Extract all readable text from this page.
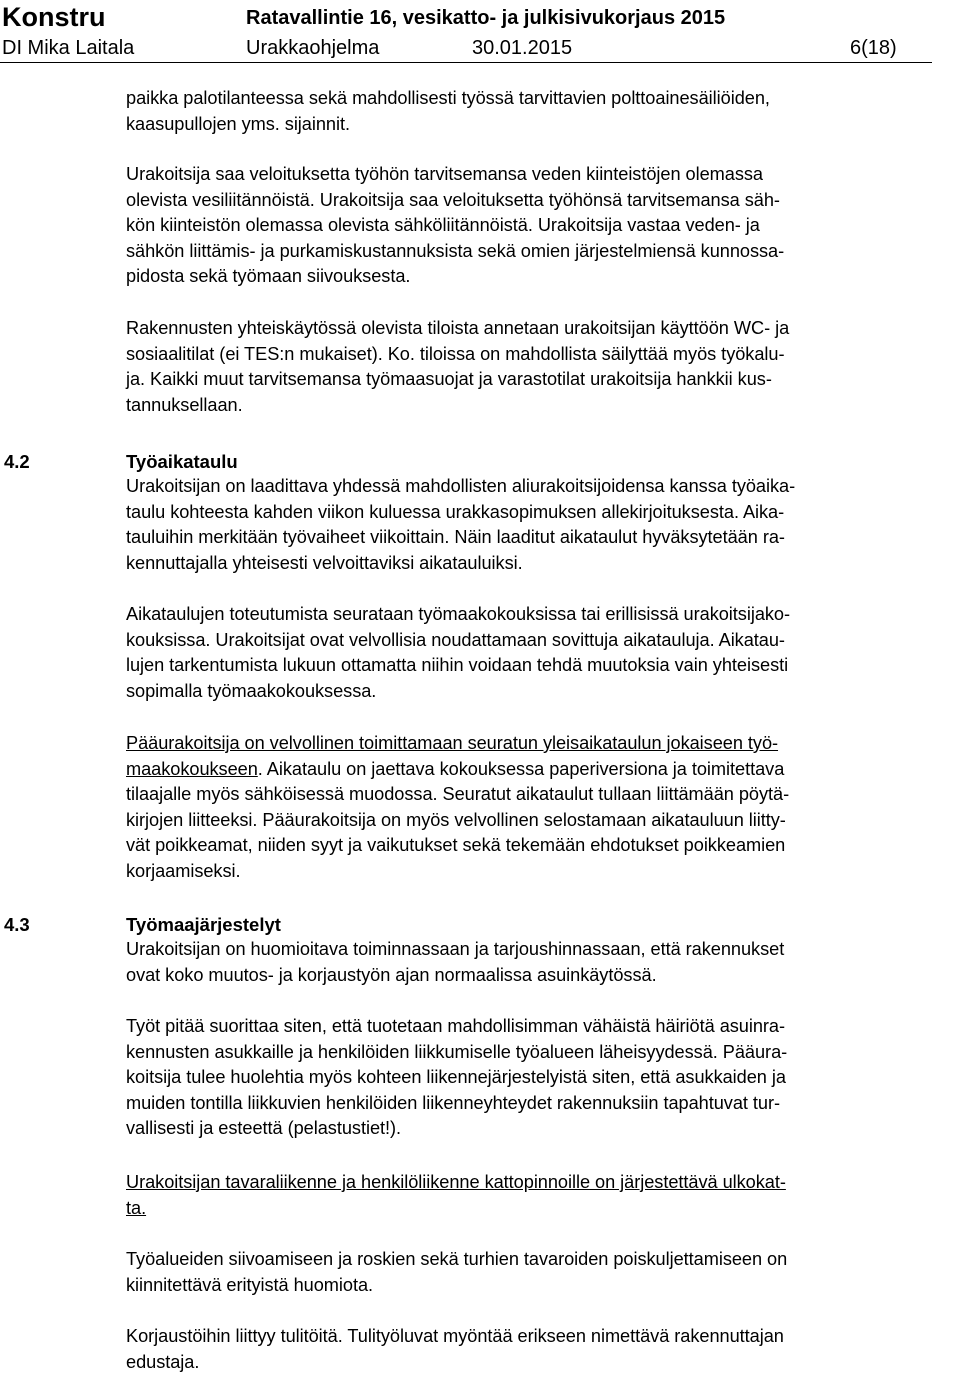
Konstru	Ratavallintie 16, vesikatto- ja julkisivukorjaus 2015
DI Mika Laitala	Urakkaohjelma	30.01.2015	6(18)

paikka palotilanteessa sekä mahdollisesti työssä tarvittavien polttoainesäiliöiden,
kaasupullojen yms. sijainnit.

Urakoitsija saa veloituksetta työhön tarvitsemansa veden kiinteistöjen olemassa
olevista vesiliitännöistä. Urakoitsija saa veloituksetta työhönsä tarvitsemansa säh-
kön kiinteistön olemassa olevista sähköliitännöistä. Urakoitsija vastaa veden- ja
sähkön liittämis- ja purkamiskustannuksista sekä omien järjestelmiensä kunnossa-
pidosta sekä työmaan siivouksesta.

Rakennusten yhteiskäytössä olevista tiloista annetaan urakoitsijan käyttöön WC- ja
sosiaalitilat (ei TES:n mukaiset). Ko. tiloissa on mahdollista säilyttää myös työkalu-
ja. Kaikki muut tarvitsemansa työmaasuojat ja varastotilat urakoitsija hankkii kus-
tannuksellaan.

4.2	Työaikataulu

Urakoitsijan on laadittava yhdessä mahdollisten aliurakoitsijoidensa kanssa työaika-
taulu kohteesta kahden viikon kuluessa urakkasopimuksen allekirjoituksesta. Aika-
tauluihin merkitään työvaiheet viikoittain. Näin laaditut aikataulut hyväksytetään ra-
kennuttajalla yhteisesti velvoittaviksi aikatauluiksi.

Aikataulujen toteutumista seurataan työmaakokouksissa tai erillisissä urakoitsijako-
kouksissa. Urakoitsijat ovat velvollisia noudattamaan sovittuja aikatauluja. Aikatau-
lujen tarkentumista lukuun ottamatta niihin voidaan tehdä muutoksia vain yhteisesti
sopimalla työmaakokouksessa.

Pääurakoitsija on velvollinen toimittamaan seuratun yleisaikataulun jokaiseen työ-
maakokoukseen. Aikataulu on jaettava kokouksessa paperiversiona ja toimitettava
tilaajalle myös sähköisessä muodossa. Seuratut aikataulut tullaan liittämään pöytä-
kirjojen liitteeksi. Pääurakoitsija on myös velvollinen selostamaan aikatauluun liitty-
vät poikkeamat, niiden syyt ja vaikutukset sekä tekemään ehdotukset poikkeamien
korjaamiseksi.

4.3	Työmaajärjestelyt

Urakoitsijan on huomioitava toiminnassaan ja tarjoushinnassaan, että rakennukset
ovat koko muutos- ja korjaustyön ajan normaalissa asuinkäytössä.

Työt pitää suorittaa siten, että tuotetaan mahdollisimman vähäistä häiriötä asuinra-
kennusten asukkaille ja henkilöiden liikkumiselle työalueen läheisyydessä. Pääura-
koitsija tulee huolehtia myös kohteen liikennejärjestelyistä siten, että asukkaiden ja
muiden tontilla liikkuvien henkilöiden liikenneyhteydet rakennuksiin tapahtuvat tur-
vallisesti ja esteettä (pelastustiet!).

Urakoitsijan tavaraliikenne ja henkilöliikenne kattopinnoille on järjestettävä ulkokat-
ta.

Työalueiden siivoamiseen ja roskien sekä turhien tavaroiden poiskuljettamiseen on
kiinnitettävä erityistä huomiota.

Korjaustöihin liittyy tulitöitä. Tulityöluvat myöntää erikseen nimettävä rakennuttajan
edustaja.
